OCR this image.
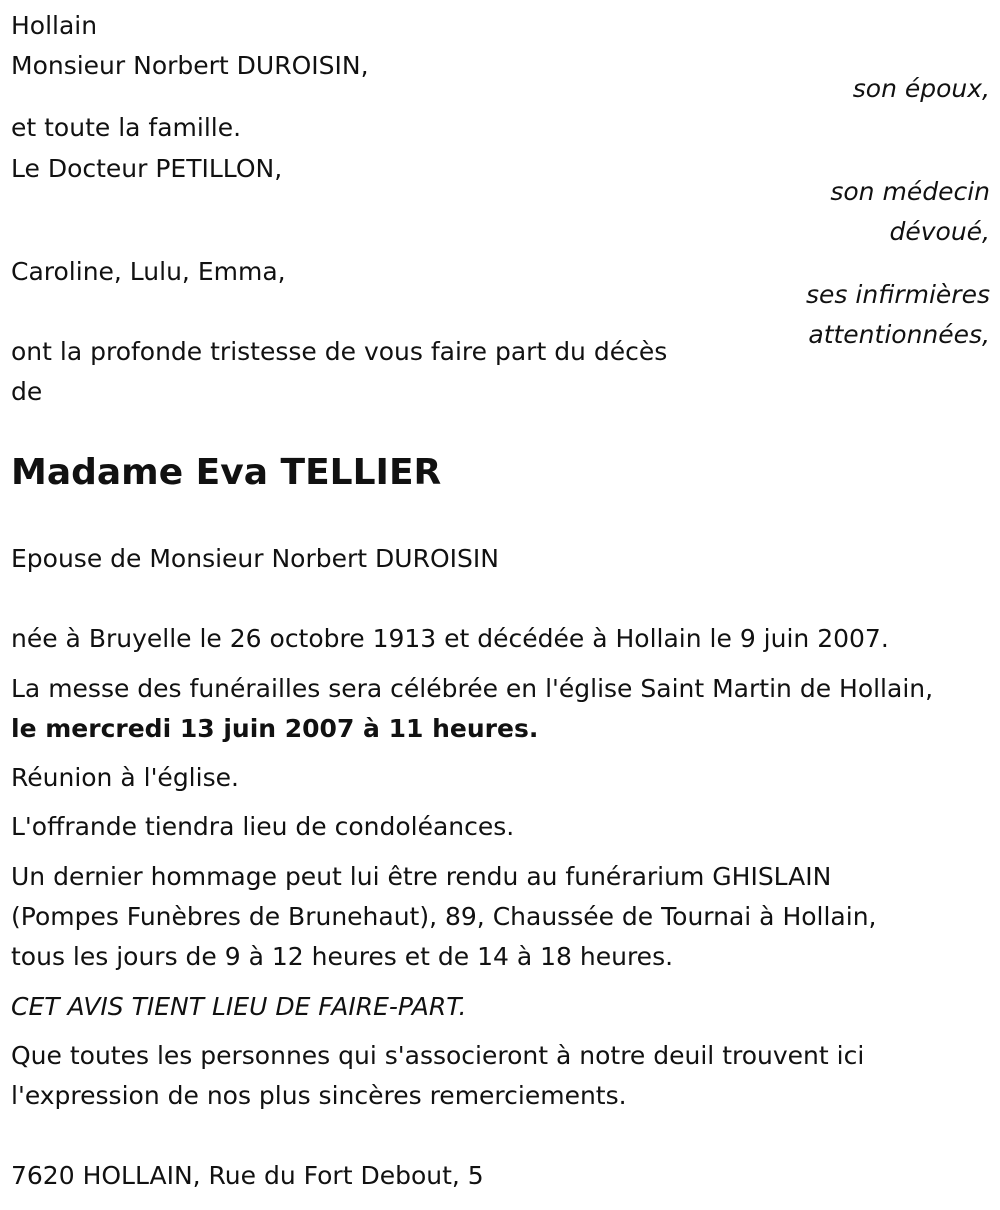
Hollain
Monsieur Norbert DUROISIN,
son époux,
et toute la famille.
Le Docteur PETILLON,
son médecin
dévoué,
Caroline, Lulu, Emma,
ses infirmières
attentionnées,
ont la profonde tristesse de vous faire part du décès
de
Madame Eva TELLIER
Epouse de Monsieur Norbert DUROISIN
née à Bruyelle le 26 octobre 1913 et décédée à Hollain le 9 juin 2007.
La messe des funérailles sera célébrée en l'église Saint Martin de Hollain,
le mercredi 13 juin 2007 à 11 heures.
Réunion à l'église.
L'offrande tiendra lieu de condoléances.
Un dernier hommage peut lui être rendu au funérarium GHISLAIN
(Pompes Funèbres de Brunehaut), 89, Chaussée de Tournai à Hollain,
tous les jours de 9 à 12 heures et de 14 à 18 heures.
CET AVIS TIENT LIEU DE FAIRE-PART.
Que toutes les personnes qui s'associeront à notre deuil trouvent ici
l'expression de nos plus sincères remerciements.
7620 HOLLAIN, Rue du Fort Debout, 5
